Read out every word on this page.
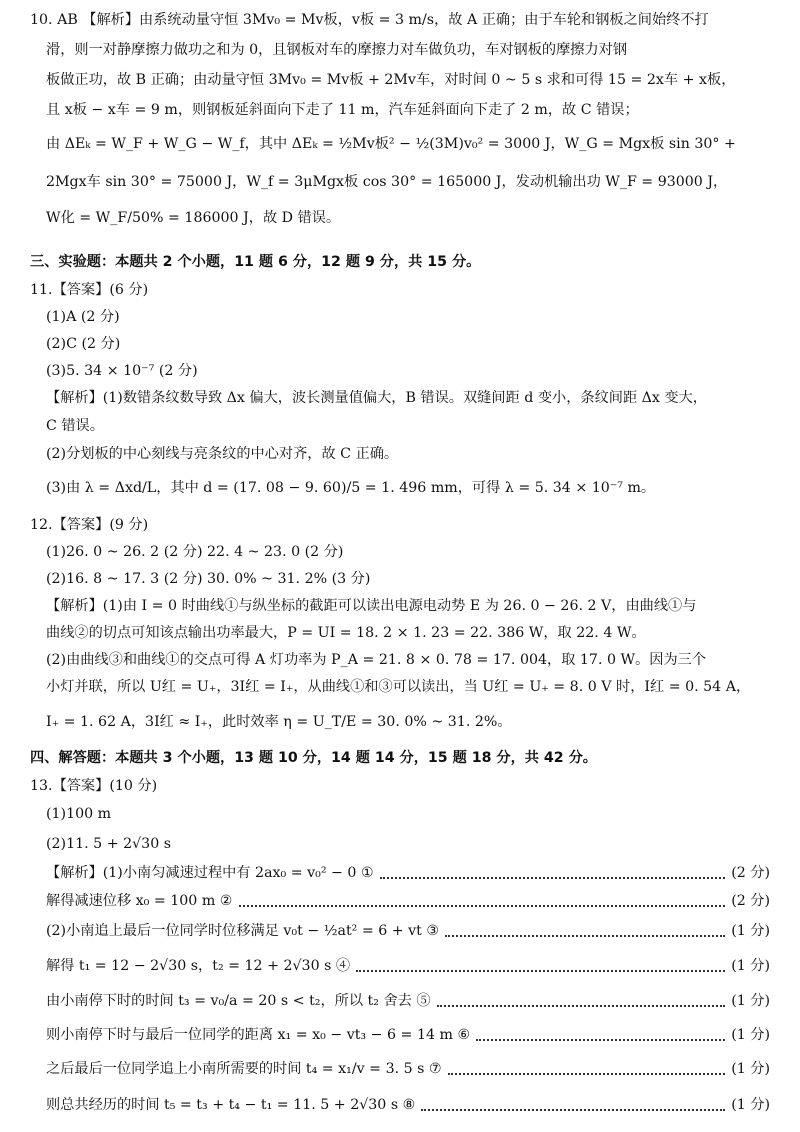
10. AB 【解析】由系统动量守恒 3Mv₀ = Mv板，v板 = 3 m/s，故 A 正确；由于车轮和钢板之间始终不打
滑，则一对静摩擦力做功之和为 0，且钢板对车的摩擦力对车做负功，车对钢板的摩擦力对钢
板做正功，故 B 正确；由动量守恒 3Mv₀ = Mv板 + 2Mv车，对时间 0 ~ 5 s 求和可得 15 = 2x车 + x板，
且 x板 − x车 = 9 m，则钢板延斜面向下走了 11 m，汽车延斜面向下走了 2 m，故 C 错误；
由 ΔEₖ = W_F + W_G − W_f，其中 ΔEₖ = ½Mv板² − ½(3M)v₀² = 3000 J，W_G = Mgx板 sin 30° +
2Mgx车 sin 30° = 75000 J，W_f = 3μMgx板 cos 30° = 165000 J，发动机输出功 W_F = 93000 J，
W化 = W_F/50% = 186000 J，故 D 错误。
三、实验题：本题共 2 个小题，11 题 6 分，12 题 9 分，共 15 分。
11.【答案】(6 分)
(1)A (2 分)
(2)C (2 分)
(3)5. 34 × 10⁻⁷ (2 分)
【解析】(1)数错条纹数导致 Δx 偏大，波长测量值偏大，B 错误。双缝间距 d 变小，条纹间距 Δx 变大，
C 错误。
(2)分划板的中心刻线与亮条纹的中心对齐，故 C 正确。
(3)由 λ = Δxd/L，其中 d = (17. 08 − 9. 60)/5 = 1. 496 mm，可得 λ = 5. 34 × 10⁻⁷ m。
12.【答案】(9 分)
(1)26. 0 ~ 26. 2 (2 分) 22. 4 ~ 23. 0 (2 分)
(2)16. 8 ~ 17. 3 (2 分) 30. 0% ~ 31. 2% (3 分)
【解析】(1)由 I = 0 时曲线①与纵坐标的截距可以读出电源电动势 E 为 26. 0 − 26. 2 V，由曲线①与
曲线②的切点可知该点输出功率最大，P = UI = 18. 2 × 1. 23 = 22. 386 W，取 22. 4 W。
(2)由曲线③和曲线①的交点可得 A 灯功率为 P_A = 21. 8 × 0. 78 = 17. 004，取 17. 0 W。因为三个
小灯并联，所以 U红 = U₊，3I红 = I₊，从曲线①和③可以读出，当 U红 = U₊ = 8. 0 V 时，I红 = 0. 54 A，
I₊ = 1. 62 A，3I红 ≈ I₊，此时效率 η = U_T/E = 30. 0% ~ 31. 2%。
四、解答题：本题共 3 个小题，13 题 10 分，14 题 14 分，15 题 18 分，共 42 分。
13.【答案】(10 分)
(1)100 m
(2)11. 5 + 2√30 s
【解析】(1)小南匀减速过程中有 2ax₀ = v₀² − 0 ①	(2 分)
解得减速位移 x₀ = 100 m ②	(2 分)
(2)小南追上最后一位同学时位移满足 v₀t − ½at² = 6 + vt ③	(1 分)
解得 t₁ = 12 − 2√30 s，t₂ = 12 + 2√30 s ④	(1 分)
由小南停下时的时间 t₃ = v₀/a = 20 s < t₂，所以 t₂ 舍去 ⑤	(1 分)
则小南停下时与最后一位同学的距离 x₁ = x₀ − vt₃ − 6 = 14 m ⑥	(1 分)
之后最后一位同学追上小南所需要的时间 t₄ = x₁/v = 3. 5 s ⑦	(1 分)
则总共经历的时间 t₅ = t₃ + t₄ − t₁ = 11. 5 + 2√30 s ⑧	(1 分)
